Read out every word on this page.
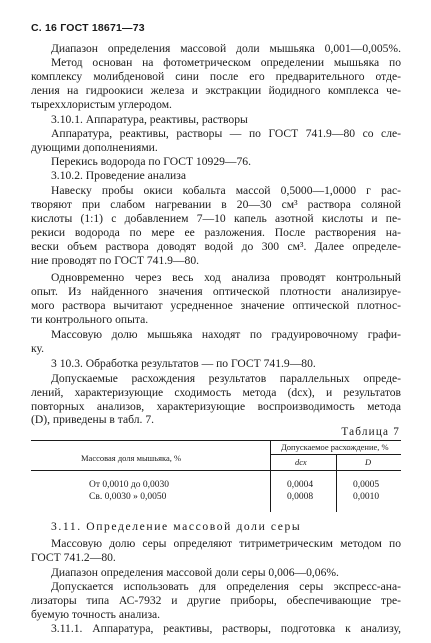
С. 16 ГОСТ 18671—73
Диапазон определения массовой доли мышьяка 0,001—0,005%.
Метод основан на фотометрическом определении мышьяка по
комплексу молибденовой сини после его предварительного отде-
ления на гидроокиси железа и экстракции йодидного комплекса че-
тыреххлористым углеродом.
3.10.1. Аппаратура, реактивы, растворы
Аппаратура, реактивы, растворы — по ГОСТ 741.9—80 со сле-
дующими дополнениями.
Перекись водорода по ГОСТ 10929—76.
3.10.2. Проведение анализа
Навеску пробы окиси кобальта массой 0,5000—1,0000 г рас-
творяют при слабом нагревании в 20—30 см³ раствора соляной
кислоты (1:1) с добавлением 7—10 капель азотной кислоты и пе-
рекиси водорода по мере ее разложения. После растворения на-
вески объем раствора доводят водой до 300 см³. Далее определе-
ние проводят по ГОСТ 741.9—80.
Одновременно через весь ход анализа проводят контрольный
опыт. Из найденного значения оптической плотности анализируе-
мого раствора вычитают усредненное значение оптической плотнос-
ти контрольного опыта.
Массовую долю мышьяка находят по градуировочному графи-
ку.
3 10.3. Обработка результатов — по ГОСТ 741.9—80.
Допускаемые расхождения результатов параллельных опреде-
лений, характеризующие сходимость метода (dсх), и результатов
повторных анализов, характеризующие воспроизводимость метода
(D), приведены в табл. 7.
Таблица 7
Массовая доля мышьяка, %
Допускаемое расхождение, %
dсх	D
От 0,0010 до 0,0030	0,0004	0,0005
Св. 0,0030 » 0,0050	0,0008	0,0010
3.11. Определение массовой доли серы
Массовую долю серы определяют титриметрическим методом по
ГОСТ 741.2—80.
Диапазон определения массовой доли серы 0,006—0,06%.
Допускается использовать для определения серы экспресс-ана-
лизаторы типа АС-7932 и другие приборы, обеспечивающие тре-
буемую точность анализа.
3.11.1. Аппаратура, реактивы, растворы, подготовка к анализу,
